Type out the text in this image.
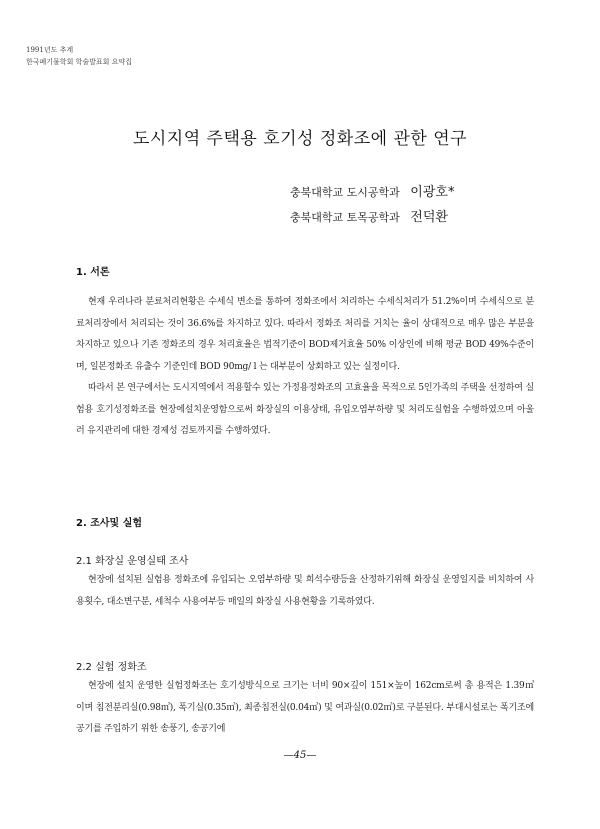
1991년도 추계
한국폐기물학회 학술발표회 요약집
도시지역 주택용 호기성 정화조에 관한 연구
충북대학교 도시공학과 이광호*
충북대학교 토목공학과 전덕환
1. 서론

현재 우리나라 분료처리현황은 수세식 변소를 통하여 정화조에서 처리하는 수세식처리가 51.2%이며 수세식으로 분료처리장에서 처리되는 것이 36.6%를 차지하고 있다. 따라서 정화조 처리를 거치는 율이 상대적으로 매우 많은 부분을 차지하고 있으나 기존 정화조의 경우 처리효율은 법적기준이 BOD제거효율 50% 이상인에 비해 평균 BOD 49%수준이며, 일본정화조 유출수 기준인데 BOD 90mg/ l 는 대부분이 상회하고 있는 실정이다.

따라서 본 연구에서는 도시지역에서 적용할수 있는 가정용정화조의 고효율을 목적으로 5인가족의 주택을 선정하여 실험용 호기성정화조를 현장에설치운영함으로써 화장실의 이용상태, 유입오염부하량 및 처리도실험을 수행하였으며 아울러 유지관리에 대한 경제성 검토까지를 수행하였다.

2. 조사및 실험
2.1 화장실 운영실태 조사

현장에 설치된 실험용 정화조에 유입되는 오염부하량 및 희석수량등을 산정하기위해 화장실 운영일지를 비치하여 사용횟수, 대소변구분, 세척수 사용여부등 매일의 화장실 사용현황을 기록하였다.

2.2 실험 정화조

현장에 설치 운영한 실험정화조는 호기성방식으로 크기는 너비 90×깊이 151×높이 162cm로써 총 용적은 1.39㎥이며 침전분리실(0.98㎥), 폭기실(0.35㎥), 최종침전실(0.04㎥) 및 여과실(0.02㎥)로 구분된다. 부대시설로는 폭기조에 공기를 주입하기 위한 송풍기, 송공기에

—45—
